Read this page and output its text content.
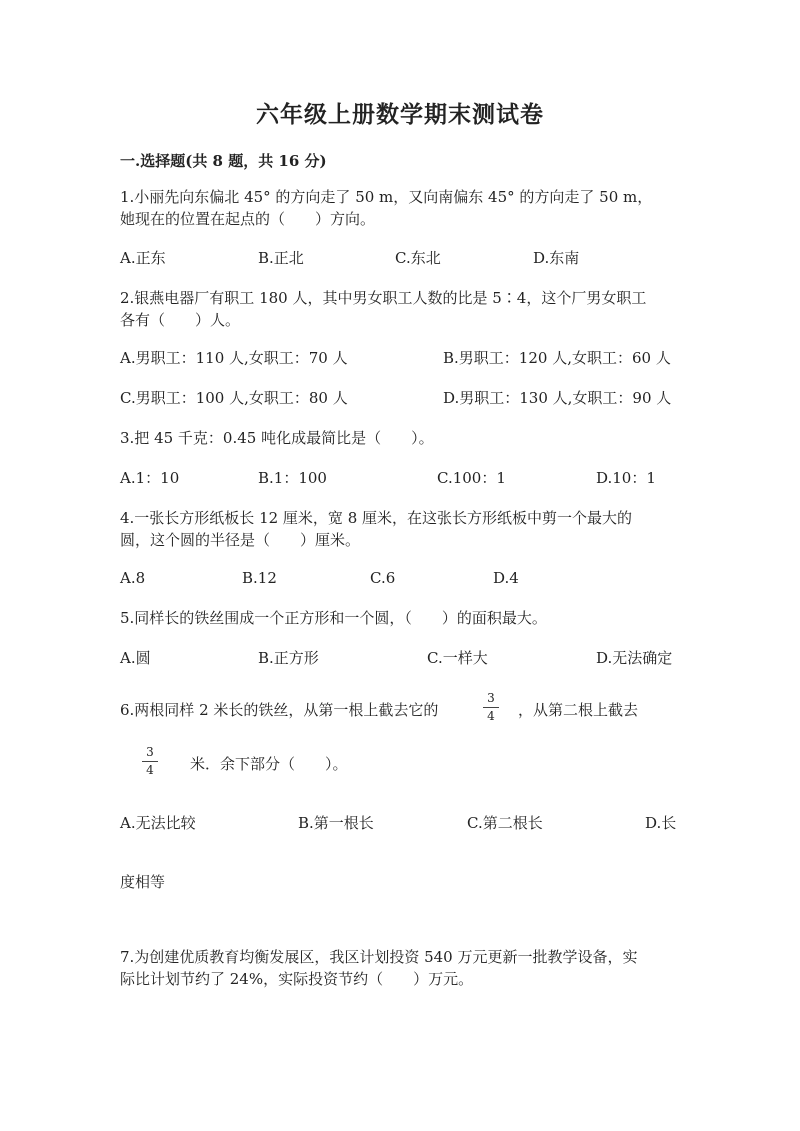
六年级上册数学期末测试卷
一.选择题(共 8 题，共 16 分)
1.小丽先向东偏北 45° 的方向走了 50 m，又向南偏东 45° 的方向走了 50 m，
她现在的位置在起点的（　　）方向。
A.正东	B.正北	C.东北	D.东南
2.银燕电器厂有职工 180 人，其中男女职工人数的比是 5∶4，这个厂男女职工
各有（　　）人。
A.男职工：110 人,女职工：70 人	B.男职工：120 人,女职工：60 人
C.男职工：100 人,女职工：80 人	D.男职工：130 人,女职工：90 人
3.把 45 千克：0.45 吨化成最简比是（　　）。
A.1：10	B.1：100	C.100：1	D.10：1
4.一张长方形纸板长 12 厘米，宽 8 厘米，在这张长方形纸板中剪一个最大的
圆，这个圆的半径是（　　）厘米。
A.8	B.12	C.6	D.4
5.同样长的铁丝围成一个正方形和一个圆，（　　）的面积最大。
A.圆	B.正方形	C.一样大	D.无法确定
6.两根同样 2 米长的铁丝，从第一根上截去它的
3
4 ，从第二根上截去
3
4 米．余下部分（　　）。
A.无法比较	B.第一根长	C.第二根长	D.长
度相等
7.为创建优质教育均衡发展区，我区计划投资 540 万元更新一批教学设备，实
际比计划节约了 24%，实际投资节约（　　）万元。
